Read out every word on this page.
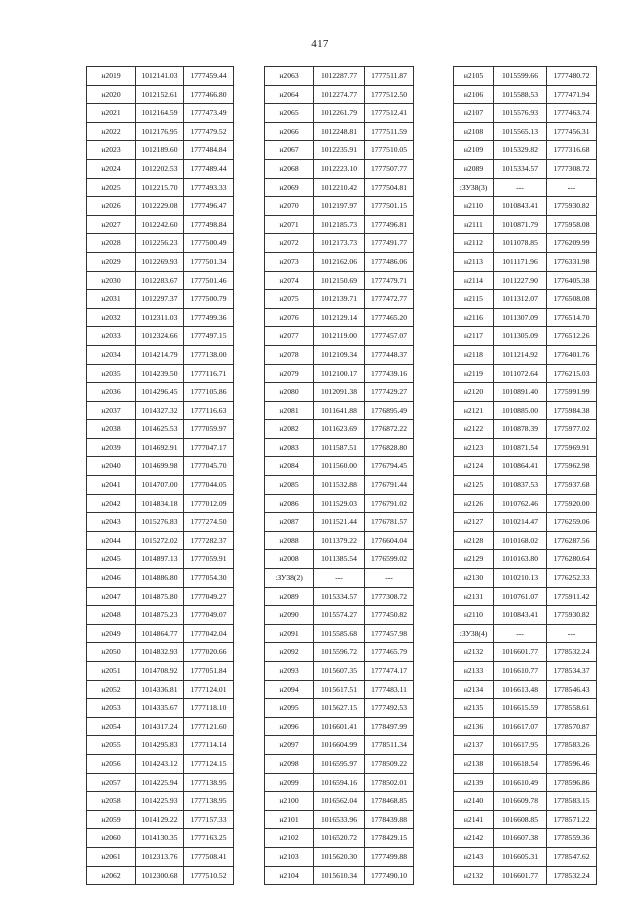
417
н2019	1012141.03	1777459.44
н2020	1012152.61	1777466.80
н2021	1012164.59	1777473.49
н2022	1012176.95	1777479.52
н2023	1012189.60	1777484.84
н2024	1012202.53	1777489.44
н2025	1012215.70	1777493.33
н2026	1012229.08	1777496.47
н2027	1012242.60	1777498.84
н2028	1012256.23	1777500.49
н2029	1012269.93	1777501.34
н2030	1012283.67	1777501.46
н2031	1012297.37	1777500.79
н2032	1012311.03	1777499.36
н2033	1012324.66	1777497.15
н2034	1014214.79	1777138.00
н2035	1014239.50	1777116.71
н2036	1014296.45	1777105.86
н2037	1014327.32	1777116.63
н2038	1014625.53	1777059.97
н2039	1014692.91	1777047.17
н2040	1014699.98	1777045.70
н2041	1014707.00	1777044.05
н2042	1014834.18	1777012.09
н2043	1015276.83	1777274.50
н2044	1015272.02	1777282.37
н2045	1014897.13	1777059.91
н2046	1014886.80	1777054.30
н2047	1014875.80	1777049.27
н2048	1014875.23	1777049.07
н2049	1014864.77	1777042.04
н2050	1014832.93	1777020.66
н2051	1014708.92	1777051.84
н2052	1014336.81	1777124.01
н2053	1014335.67	1777118.10
н2054	1014317.24	1777121.60
н2055	1014295.83	1777114.14
н2056	1014243.12	1777124.15
н2057	1014225.94	1777138.95
н2058	1014225.93	1777138.95
н2059	1014129.22	1777157.33
н2060	1014130.35	1777163.25
н2061	1012313.76	1777508.41
н2062	1012300.68	1777510.52
н2063	1012287.77	1777511.87
н2064	1012274.77	1777512.50
н2065	1012261.79	1777512.41
н2066	1012248.81	1777511.59
н2067	1012235.91	1777510.05
н2068	1012223.10	1777507.77
н2069	1012210.42	1777504.81
н2070	1012197.97	1777501.15
н2071	1012185.73	1777496.81
н2072	1012173.73	1777491.77
н2073	1012162.06	1777486.06
н2074	1012150.69	1777479.71
н2075	1012139.71	1777472.77
н2076	1012129.14	1777465.20
н2077	1012119.00	1777457.07
н2078	1012109.34	1777448.37
н2079	1012100.17	1777439.16
н2080	1012091.38	1777429.27
н2081	1011641.88	1776895.49
н2082	1011623.69	1776872.22
н2083	1011587.51	1776828.80
н2084	1011560.00	1776794.45
н2085	1011532.88	1776791.44
н2086	1011529.03	1776791.02
н2087	1011521.44	1776781.57
н2088	1011379.22	1776604.04
н2008	1011385.54	1776599.02
:ЗУ38(2)	---	---
н2089	1015334.57	1777308.72
н2090	1015574.27	1777450.82
н2091	1015585.68	1777457.98
н2092	1015596.72	1777465.79
н2093	1015607.35	1777474.17
н2094	1015617.51	1777483.11
н2095	1015627.15	1777492.53
н2096	1016601.41	1778497.99
н2097	1016604.99	1778511.34
н2098	1016595.97	1778509.22
н2099	1016594.16	1778502.01
н2100	1016562.04	1778468.85
н2101	1016533.96	1778439.88
н2102	1016520.72	1778429.15
н2103	1015620.30	1777499.88
н2104	1015610.34	1777490.10
н2105	1015599.66	1777480.72
н2106	1015588.53	1777471.94
н2107	1015576.93	1777463.74
н2108	1015565.13	1777456.31
н2109	1015329.82	1777316.68
н2089	1015334.57	1777308.72
:ЗУ38(3)	---	---
н2110	1010843.41	1775930.82
н2111	1010871.79	1775958.08
н2112	1011078.85	1776209.99
н2113	1011171.96	1776331.98
н2114	1011227.90	1776405.38
н2115	1011312.07	1776508.08
н2116	1011307.09	1776514.70
н2117	1011305.09	1776512.26
н2118	1011214.92	1776401.76
н2119	1011072.64	1776215.03
н2120	1010891.40	1775991.99
н2121	1010885.00	1775984.38
н2122	1010878.39	1775977.02
н2123	1010871.54	1775969.91
н2124	1010864.41	1775962.98
н2125	1010837.53	1775937.68
н2126	1010762.46	1775920.00
н2127	1010214.47	1776259.06
н2128	1010168.02	1776287.56
н2129	1010163.80	1776280.64
н2130	1010210.13	1776252.33
н2131	1010761.07	1775911.42
н2110	1010843.41	1775930.82
:ЗУ38(4)	---	---
н2132	1016601.77	1778532.24
н2133	1016610.77	1778534.37
н2134	1016613.48	1778546.43
н2135	1016615.59	1778558.61
н2136	1016617.07	1778570.87
н2137	1016617.95	1778583.26
н2138	1016618.54	1778596.46
н2139	1016610.49	1778596.86
н2140	1016609.78	1778583.15
н2141	1016608.85	1778571.22
н2142	1016607.38	1778559.36
н2143	1016605.31	1778547.62
н2132	1016601.77	1778532.24
